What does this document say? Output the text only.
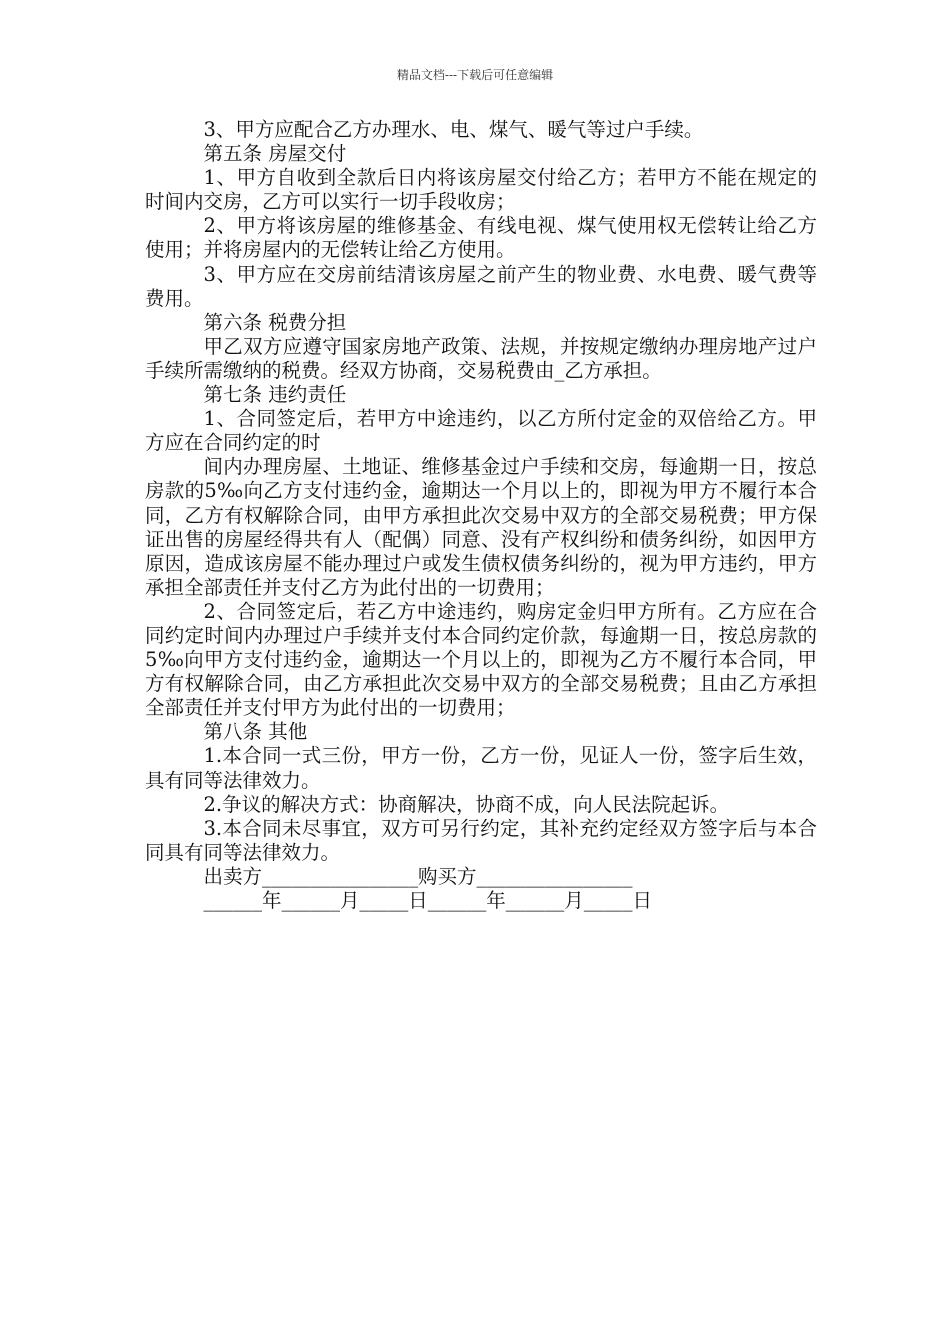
精品文档---下载后可任意编辑

3、甲方应配合乙方办理水、电、煤气、暖气等过户手续。

第五条 房屋交付

1、甲方自收到全款后日内将该房屋交付给乙方；若甲方不能在规定的时间内交房，乙方可以实行一切手段收房；

2、甲方将该房屋的维修基金、有线电视、煤气使用权无偿转让给乙方使用；并将房屋内的无偿转让给乙方使用。

3、甲方应在交房前结清该房屋之前产生的物业费、水电费、暖气费等费用。

第六条 税费分担

甲乙双方应遵守国家房地产政策、法规，并按规定缴纳办理房地产过户手续所需缴纳的税费。经双方协商，交易税费由_乙方承担。

第七条 违约责任

1、合同签定后，若甲方中途违约，以乙方所付定金的双倍给乙方。甲方应在合同约定的时

间内办理房屋、土地证、维修基金过户手续和交房，每逾期一日，按总房款的5‰向乙方支付违约金，逾期达一个月以上的，即视为甲方不履行本合同，乙方有权解除合同，由甲方承担此次交易中双方的全部交易税费；甲方保证出售的房屋经得共有人（配偶）同意、没有产权纠纷和债务纠纷，如因甲方原因，造成该房屋不能办理过户或发生债权债务纠纷的，视为甲方违约，甲方承担全部责任并支付乙方为此付出的一切费用；

2、合同签定后，若乙方中途违约，购房定金归甲方所有。乙方应在合同约定时间内办理过户手续并支付本合同约定价款，每逾期一日，按总房款的5‰向甲方支付违约金，逾期达一个月以上的，即视为乙方不履行本合同，甲方有权解除合同，由乙方承担此次交易中双方的全部交易税费；且由乙方承担全部责任并支付甲方为此付出的一切费用；

第八条 其他

1.本合同一式三份，甲方一份，乙方一份，见证人一份，签字后生效，具有同等法律效力。

2.争议的解决方式：协商解决，协商不成，向人民法院起诉。

3.本合同未尽事宜，双方可另行约定，其补充约定经双方签字后与本合同具有同等法律效力。

出卖方________________购买方________________

______年______月_____日______年______月_____日
